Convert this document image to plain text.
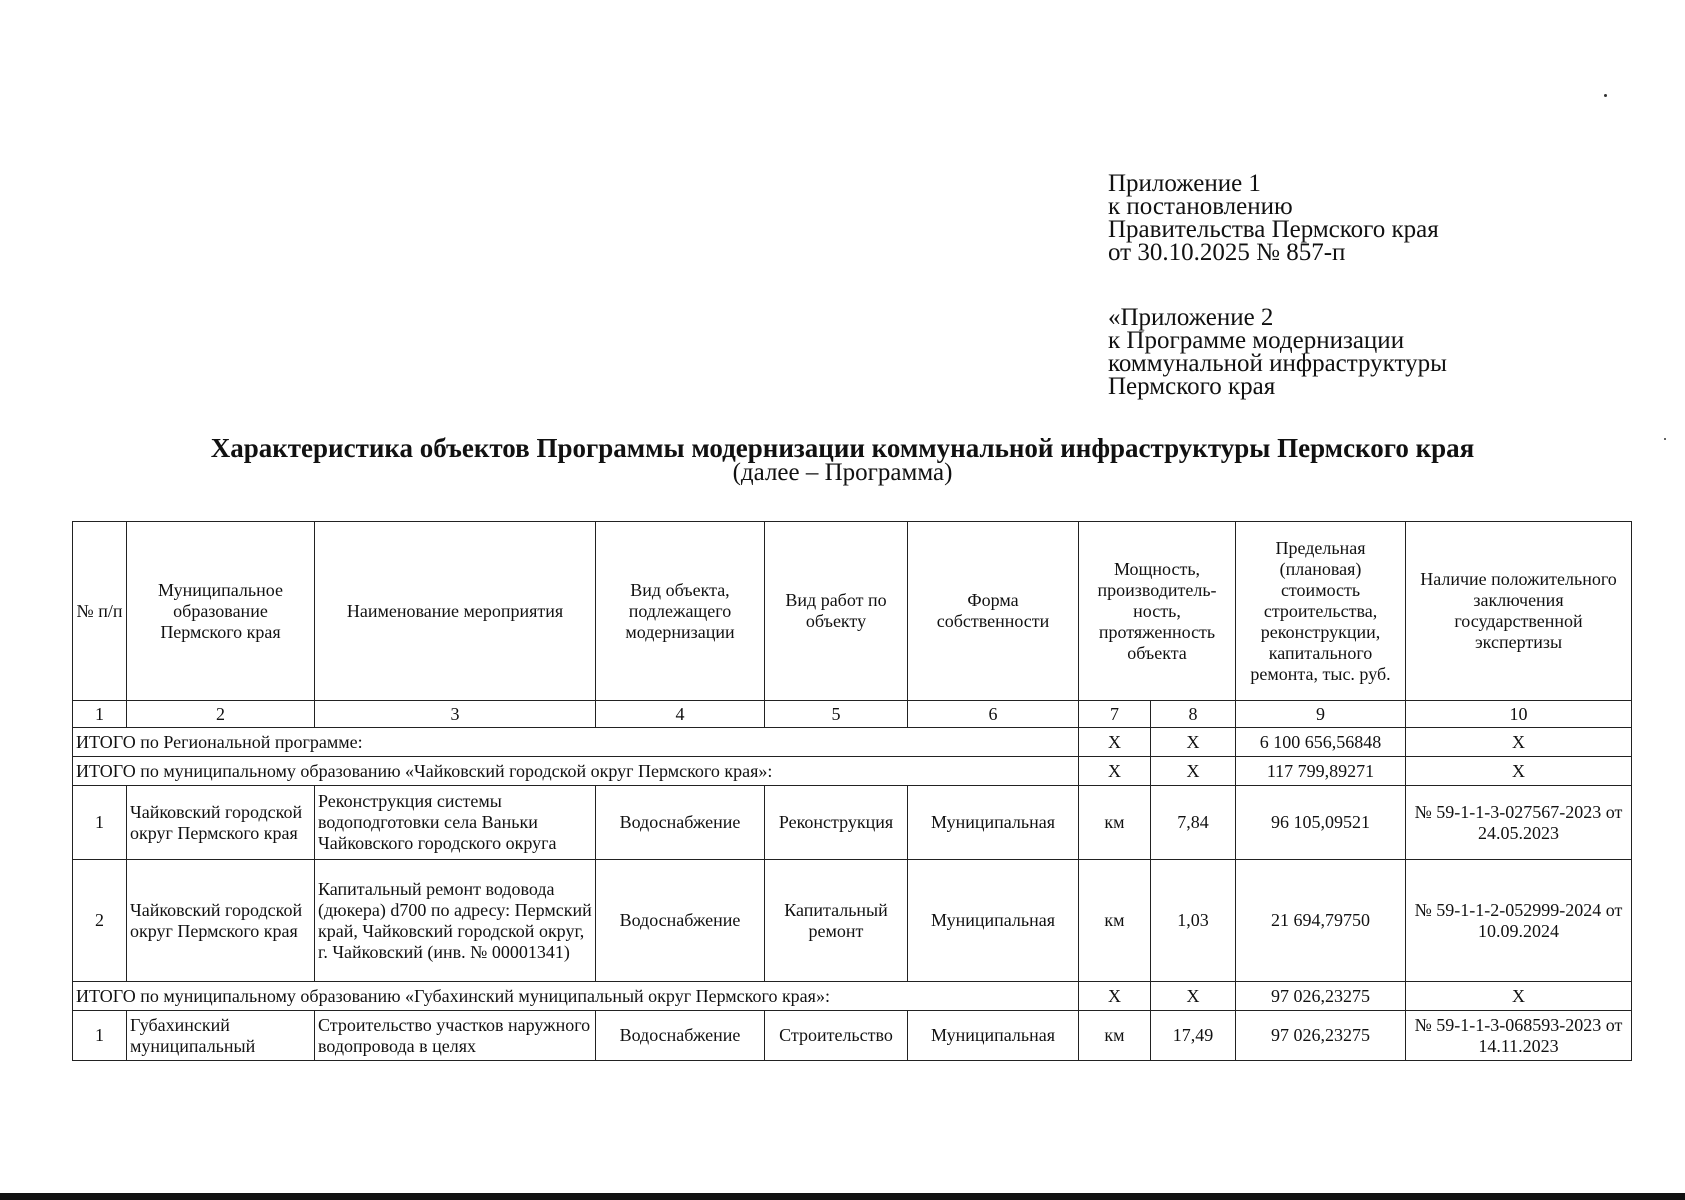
Приложение 1
к постановлению
Правительства Пермского края
от 30.10.2025 № 857-п
«Приложение 2
к Программе модернизации
коммунальной инфраструктуры
Пермского края
Характеристика объектов Программы модернизации коммунальной инфраструктуры Пермского края
(далее – Программа)
№ п/п	Муниципальное образование Пермского края	Наименование мероприятия	Вид объекта, подлежащего модернизации	Вид работ по объекту	Форма собственности	Мощность, производитель-ность, протяженность объекта		Предельная (плановая) стоимость строительства, реконструкции, капитального ремонта, тыс. руб.	Наличие положительного заключения государственной экспертизы
1	2	3	4	5	6	7	8	9	10
ИТОГО по Региональной программе:						X	X	6 100 656,56848	X
ИТОГО по муниципальному образованию «Чайковский городской округ Пермского края»:						X	X	117 799,89271	X
1	Чайковский городской округ Пермского края	Реконструкция системы водоподготовки села Ваньки Чайковского городского округа	Водоснабжение	Реконструкция	Муниципальная	км	7,84	96 105,09521	№ 59-1-1-3-027567-2023 от 24.05.2023
2	Чайковский городской округ Пермского края	Капитальный ремонт водовода (дюкера) d700 по адресу: Пермский край, Чайковский городской округ, г. Чайковский (инв. № 00001341)	Водоснабжение	Капитальный ремонт	Муниципальная	км	1,03	21 694,79750	№ 59-1-1-2-052999-2024 от 10.09.2024
ИТОГО по муниципальному образованию «Губахинский муниципальный округ Пермского края»:						X	X	97 026,23275	X
1	Губахинский муниципальный	Строительство участков наружного водопровода в целях	Водоснабжение	Строительство	Муниципальная	км	17,49	97 026,23275	№ 59-1-1-3-068593-2023 от 14.11.2023
